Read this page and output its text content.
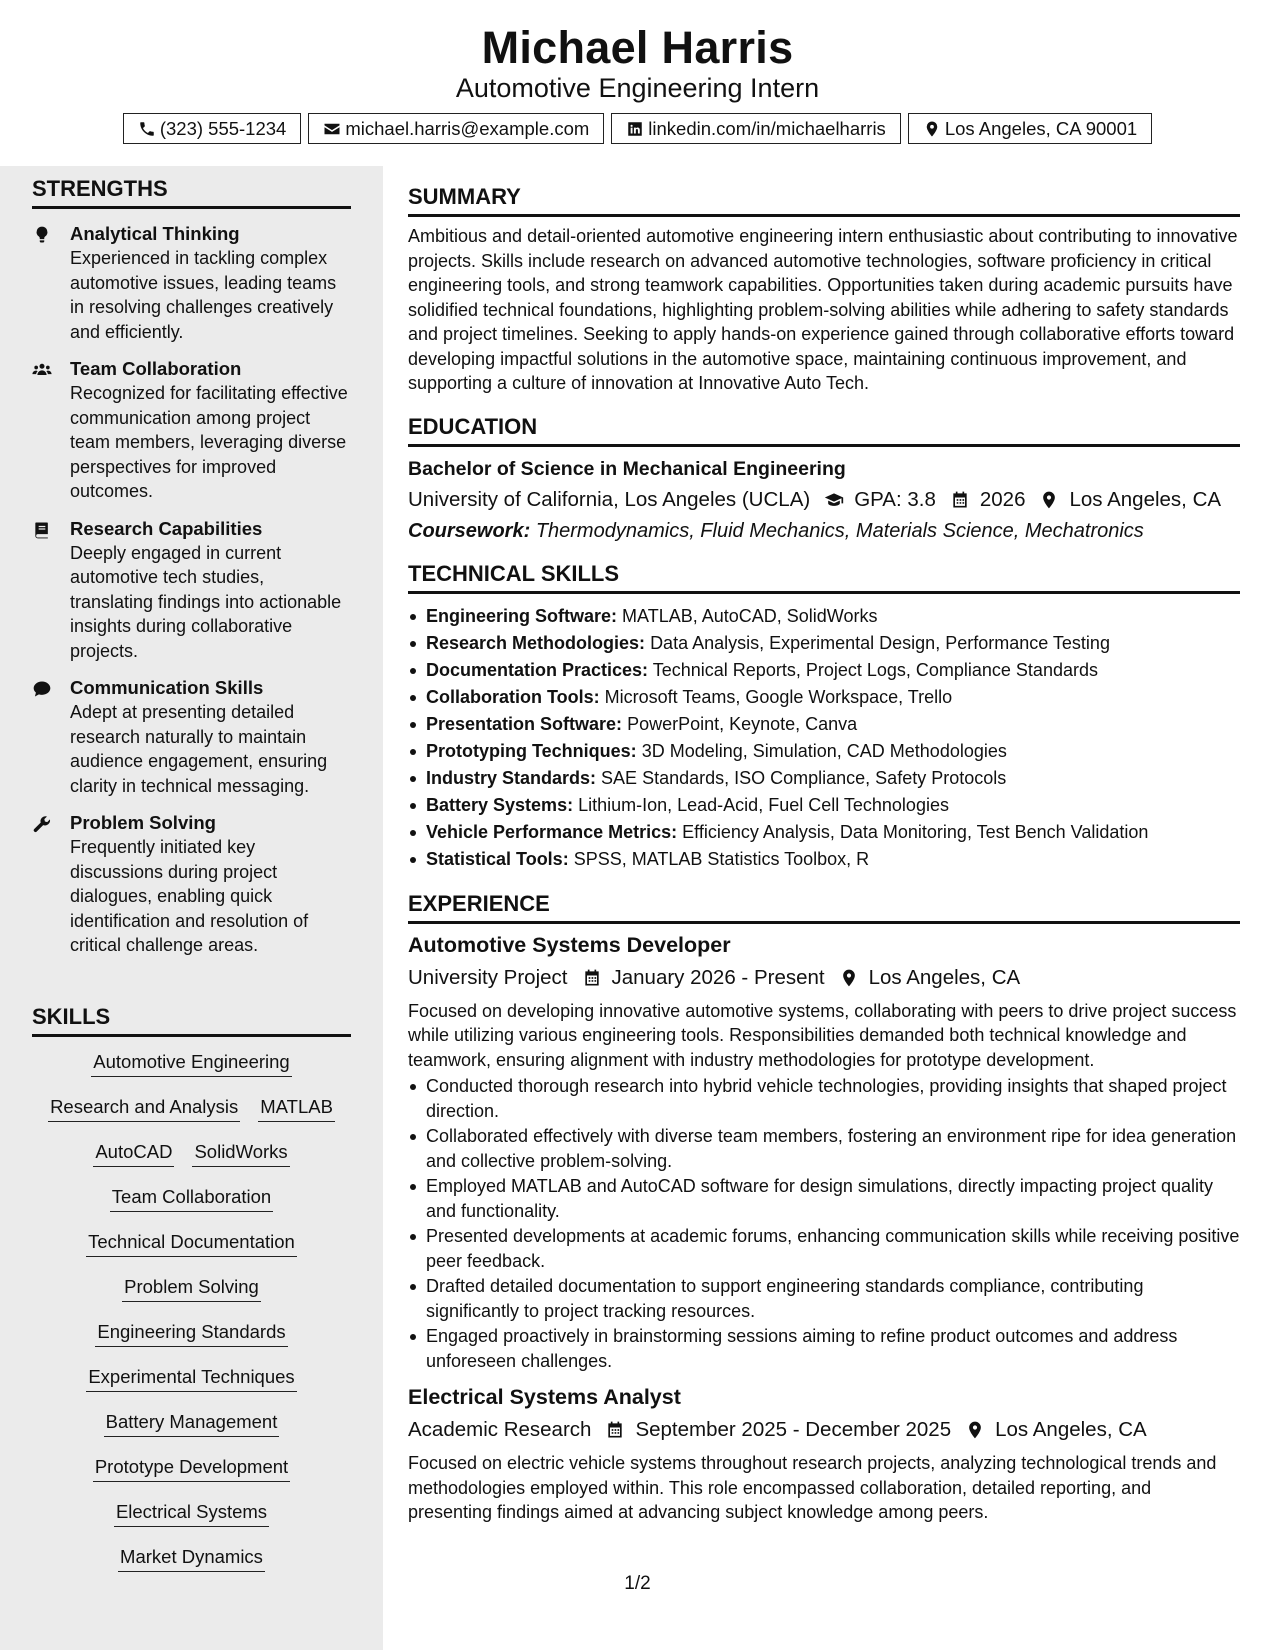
Michael Harris
Automotive Engineering Intern
(323) 555-1234	michael.harris@example.com	linkedin.com/in/michaelharris	Los Angeles, CA 90001
STRENGTHS
Analytical Thinking
Experienced in tackling complex automotive issues, leading teams in resolving challenges creatively and efficiently.
Team Collaboration
Recognized for facilitating effective communication among project team members, leveraging diverse perspectives for improved outcomes.
Research Capabilities
Deeply engaged in current automotive tech studies, translating findings into actionable insights during collaborative projects.
Communication Skills
Adept at presenting detailed research naturally to maintain audience engagement, ensuring clarity in technical messaging.
Problem Solving
Frequently initiated key discussions during project dialogues, enabling quick identification and resolution of critical challenge areas.
SKILLS
Automotive Engineering
Research and Analysis MATLAB
AutoCAD SolidWorks
Team Collaboration
Technical Documentation
Problem Solving
Engineering Standards
Experimental Techniques
Battery Management
Prototype Development
Electrical Systems
Market Dynamics
SUMMARY
Ambitious and detail-oriented automotive engineering intern enthusiastic about contributing to innovative projects. Skills include research on advanced automotive technologies, software proficiency in critical engineering tools, and strong teamwork capabilities. Opportunities taken during academic pursuits have solidified technical foundations, highlighting problem-solving abilities while adhering to safety standards and project timelines. Seeking to apply hands-on experience gained through collaborative efforts toward developing impactful solutions in the automotive space, maintaining continuous improvement, and supporting a culture of innovation at Innovative Auto Tech.
EDUCATION
Bachelor of Science in Mechanical Engineering
University of California, Los Angeles (UCLA) GPA: 3.8 2026 Los Angeles, CA
Coursework: Thermodynamics, Fluid Mechanics, Materials Science, Mechatronics
TECHNICAL SKILLS
Engineering Software: MATLAB, AutoCAD, SolidWorks
Research Methodologies: Data Analysis, Experimental Design, Performance Testing
Documentation Practices: Technical Reports, Project Logs, Compliance Standards
Collaboration Tools: Microsoft Teams, Google Workspace, Trello
Presentation Software: PowerPoint, Keynote, Canva
Prototyping Techniques: 3D Modeling, Simulation, CAD Methodologies
Industry Standards: SAE Standards, ISO Compliance, Safety Protocols
Battery Systems: Lithium-Ion, Lead-Acid, Fuel Cell Technologies
Vehicle Performance Metrics: Efficiency Analysis, Data Monitoring, Test Bench Validation
Statistical Tools: SPSS, MATLAB Statistics Toolbox, R
EXPERIENCE
Automotive Systems Developer
University Project January 2026 - Present Los Angeles, CA
Focused on developing innovative automotive systems, collaborating with peers to drive project success while utilizing various engineering tools. Responsibilities demanded both technical knowledge and teamwork, ensuring alignment with industry methodologies for prototype development.
Conducted thorough research into hybrid vehicle technologies, providing insights that shaped project direction.
Collaborated effectively with diverse team members, fostering an environment ripe for idea generation and collective problem-solving.
Employed MATLAB and AutoCAD software for design simulations, directly impacting project quality and functionality.
Presented developments at academic forums, enhancing communication skills while receiving positive peer feedback.
Drafted detailed documentation to support engineering standards compliance, contributing significantly to project tracking resources.
Engaged proactively in brainstorming sessions aiming to refine product outcomes and address unforeseen challenges.
Electrical Systems Analyst
Academic Research September 2025 - December 2025 Los Angeles, CA
Focused on electric vehicle systems throughout research projects, analyzing technological trends and methodologies employed within. This role encompassed collaboration, detailed reporting, and presenting findings aimed at advancing subject knowledge among peers.
1/2
